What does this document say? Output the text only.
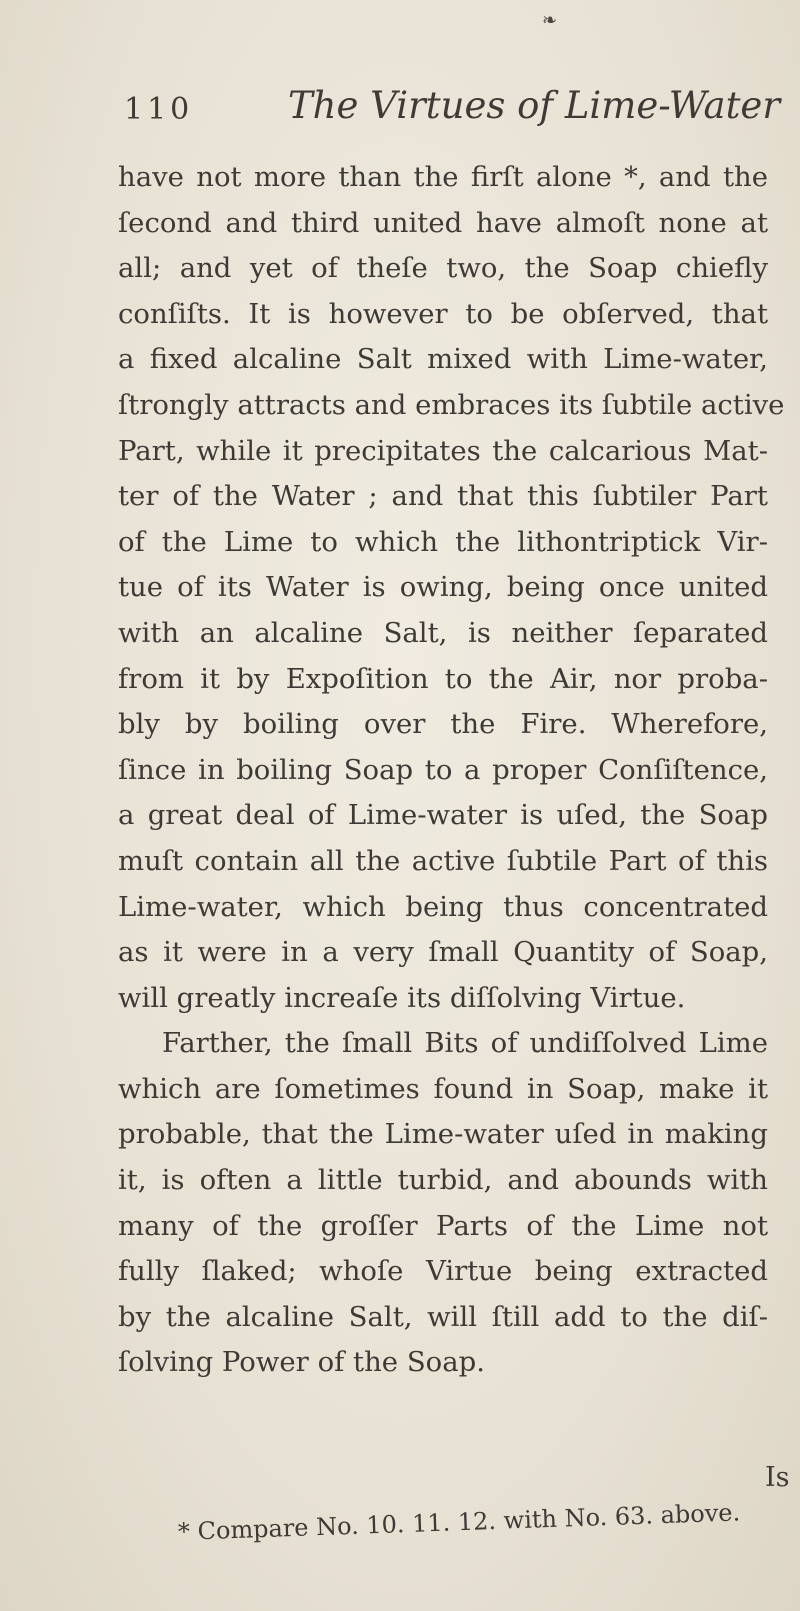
❧
110	The Virtues of Lime-Water
have not more than the firſt alone *, and the
ſecond and third united have almoſt none at
all; and yet of theſe two, the Soap chiefly
conſiſts. It is however to be obſerved, that
a fixed alcaline Salt mixed with Lime-water,
ſtrongly attracts and embraces its ſubtile active
Part, while it precipitates the calcarious Mat-
ter of the Water ; and that this ſubtiler Part
of the Lime to which the lithontriptick Vir-
tue of its Water is owing, being once united
with an alcaline Salt, is neither ſeparated
from it by Expoſition to the Air, nor proba-
bly by boiling over the Fire. Wherefore,
ſince in boiling Soap to a proper Conſiſtence,
a great deal of Lime-water is uſed, the Soap
muſt contain all the active ſubtile Part of this
Lime-water, which being thus concentrated
as it were in a very ſmall Quantity of Soap,
will greatly increaſe its diſſolving Virtue.
Farther, the ſmall Bits of undiſſolved Lime
which are ſometimes found in Soap, make it
probable, that the Lime-water uſed in making
it, is often a little turbid, and abounds with
many of the groſſer Parts of the Lime not
fully ſlaked; whoſe Virtue being extracted
by the alcaline Salt, will ſtill add to the diſ-
ſolving Power of the Soap.
Is
* Compare No. 10. 11. 12. with No. 63. above.
